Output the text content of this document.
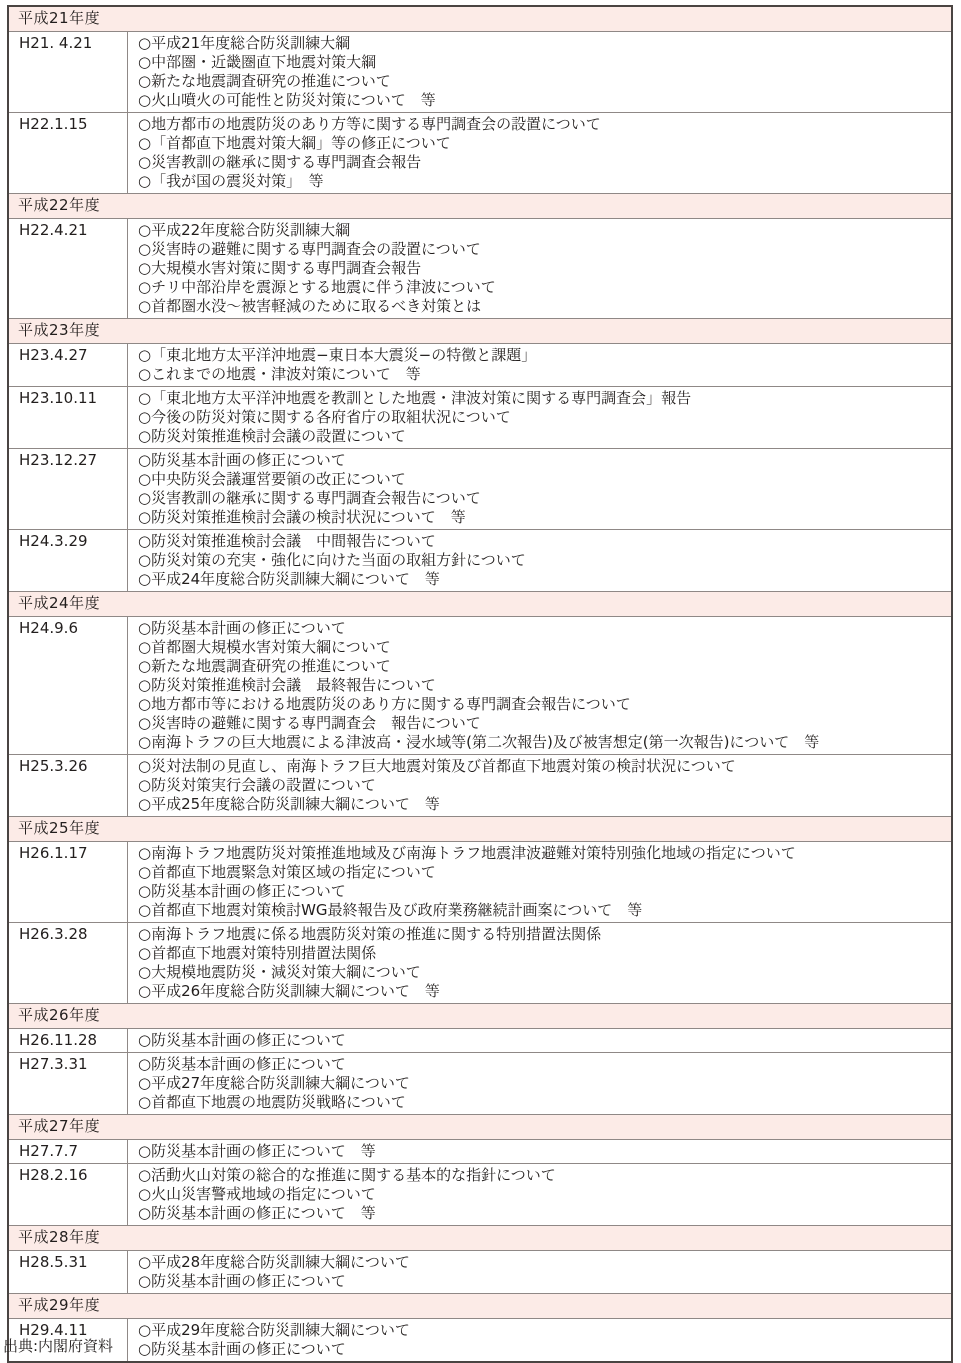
平成21年度
H21. 4.21	○平成21年度総合防災訓練大綱
○中部圏・近畿圏直下地震対策大綱
○新たな地震調査研究の推進について
○火山噴火の可能性と防災対策について　等
H22.1.15	○地方都市の地震防災のあり方等に関する専門調査会の設置について
○「首都直下地震対策大綱」等の修正について
○災害教訓の継承に関する専門調査会報告
○「我が国の震災対策」　等
平成22年度
H22.4.21	○平成22年度総合防災訓練大綱
○災害時の避難に関する専門調査会の設置について
○大規模水害対策に関する専門調査会報告
○チリ中部沿岸を震源とする地震に伴う津波について
○首都圏水没〜被害軽減のために取るべき対策とは
平成23年度
H23.4.27	○「東北地方太平洋沖地震−東日本大震災−の特徴と課題」
○これまでの地震・津波対策について　等
H23.10.11	○「東北地方太平洋沖地震を教訓とした地震・津波対策に関する専門調査会」報告
○今後の防災対策に関する各府省庁の取組状況について
○防災対策推進検討会議の設置について
H23.12.27	○防災基本計画の修正について
○中央防災会議運営要領の改正について
○災害教訓の継承に関する専門調査会報告について
○防災対策推進検討会議の検討状況について　等
H24.3.29	○防災対策推進検討会議　中間報告について
○防災対策の充実・強化に向けた当面の取組方針について
○平成24年度総合防災訓練大綱について　等
平成24年度
H24.9.6	○防災基本計画の修正について
○首都圏大規模水害対策大綱について
○新たな地震調査研究の推進について
○防災対策推進検討会議　最終報告について
○地方都市等における地震防災のあり方に関する専門調査会報告について
○災害時の避難に関する専門調査会　報告について
○南海トラフの巨大地震による津波高・浸水域等(第二次報告)及び被害想定(第一次報告)について　等
H25.3.26	○災対法制の見直し、南海トラフ巨大地震対策及び首都直下地震対策の検討状況について
○防災対策実行会議の設置について
○平成25年度総合防災訓練大綱について　等
平成25年度
H26.1.17	○南海トラフ地震防災対策推進地域及び南海トラフ地震津波避難対策特別強化地域の指定について
○首都直下地震緊急対策区域の指定について
○防災基本計画の修正について
○首都直下地震対策検討WG最終報告及び政府業務継続計画案について　等
H26.3.28	○南海トラフ地震に係る地震防災対策の推進に関する特別措置法関係
○首都直下地震対策特別措置法関係
○大規模地震防災・減災対策大綱について
○平成26年度総合防災訓練大綱について　等
平成26年度
H26.11.28	○防災基本計画の修正について
H27.3.31	○防災基本計画の修正について
○平成27年度総合防災訓練大綱について
○首都直下地震の地震防災戦略について
平成27年度
H27.7.7	○防災基本計画の修正について　等
H28.2.16	○活動火山対策の総合的な推進に関する基本的な指針について
○火山災害警戒地域の指定について
○防災基本計画の修正について　等
平成28年度
H28.5.31	○平成28年度総合防災訓練大綱について
○防災基本計画の修正について
平成29年度
H29.4.11	○平成29年度総合防災訓練大綱について
○防災基本計画の修正について
出典:内閣府資料
